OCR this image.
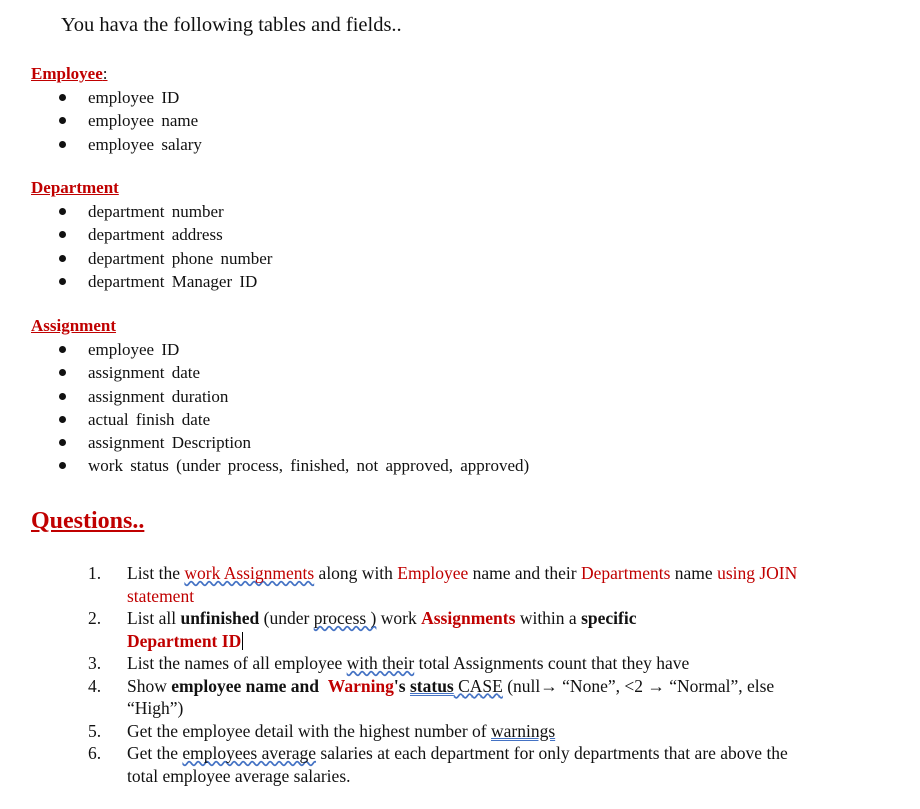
You hava the following tables and fields..
Employee:
employee ID
employee name
employee salary
Department
department number
department address
department phone number
department Manager ID
Assignment
employee ID
assignment date
assignment duration
actual finish date
assignment Description
work status (under process, finished, not approved, approved)
Questions..
1. List the work Assignments along with Employee name and their Departments name using JOIN statement
2. List all unfinished (under process ) work Assignments within a specific
Department ID
3. List the names of all employee with their total Assignments count that they have
4. Show employee name and Warning's status CASE (null→ “None”, <2 → “Normal”, else “High”)
5. Get the employee detail with the highest number of warnings
6. Get the employees average salaries at each department for only departments that are above the total employee average salaries.
